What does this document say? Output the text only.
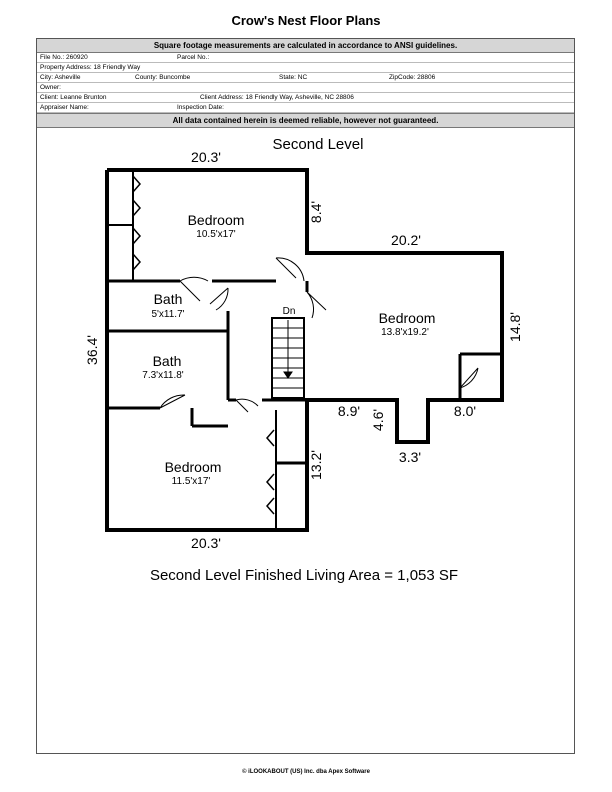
Crow's Nest Floor Plans
Square footage measurements are calculated in accordance to ANSI guidelines.
File No.: 260920	Parcel No.:
Property Address: 18 Friendly Way
City: Asheville	County: Buncombe	State: NC	ZipCode: 28806
Owner:
Client: Leanne Brunton	Client Address: 18 Friendly Way, Asheville, NC 28806
Appraiser Name:	Inspection Date:
All data contained herein is deemed reliable, however not guaranteed.
Second Level
Bedroom
10.5'x17'
Bath
5'x11.7'
Bath
7.3'x11.8'
Bedroom
11.5'x17'
Bedroom
13.8'x19.2'
Dn
20.3'
36.4'
20.3'
8.4'
20.2'
14.8'
8.9' 4.6'
3.3'
8.0'
13.2'
Second Level Finished Living Area = 1,053 SF
© iLOOKABOUT (US) Inc. dba Apex Software
